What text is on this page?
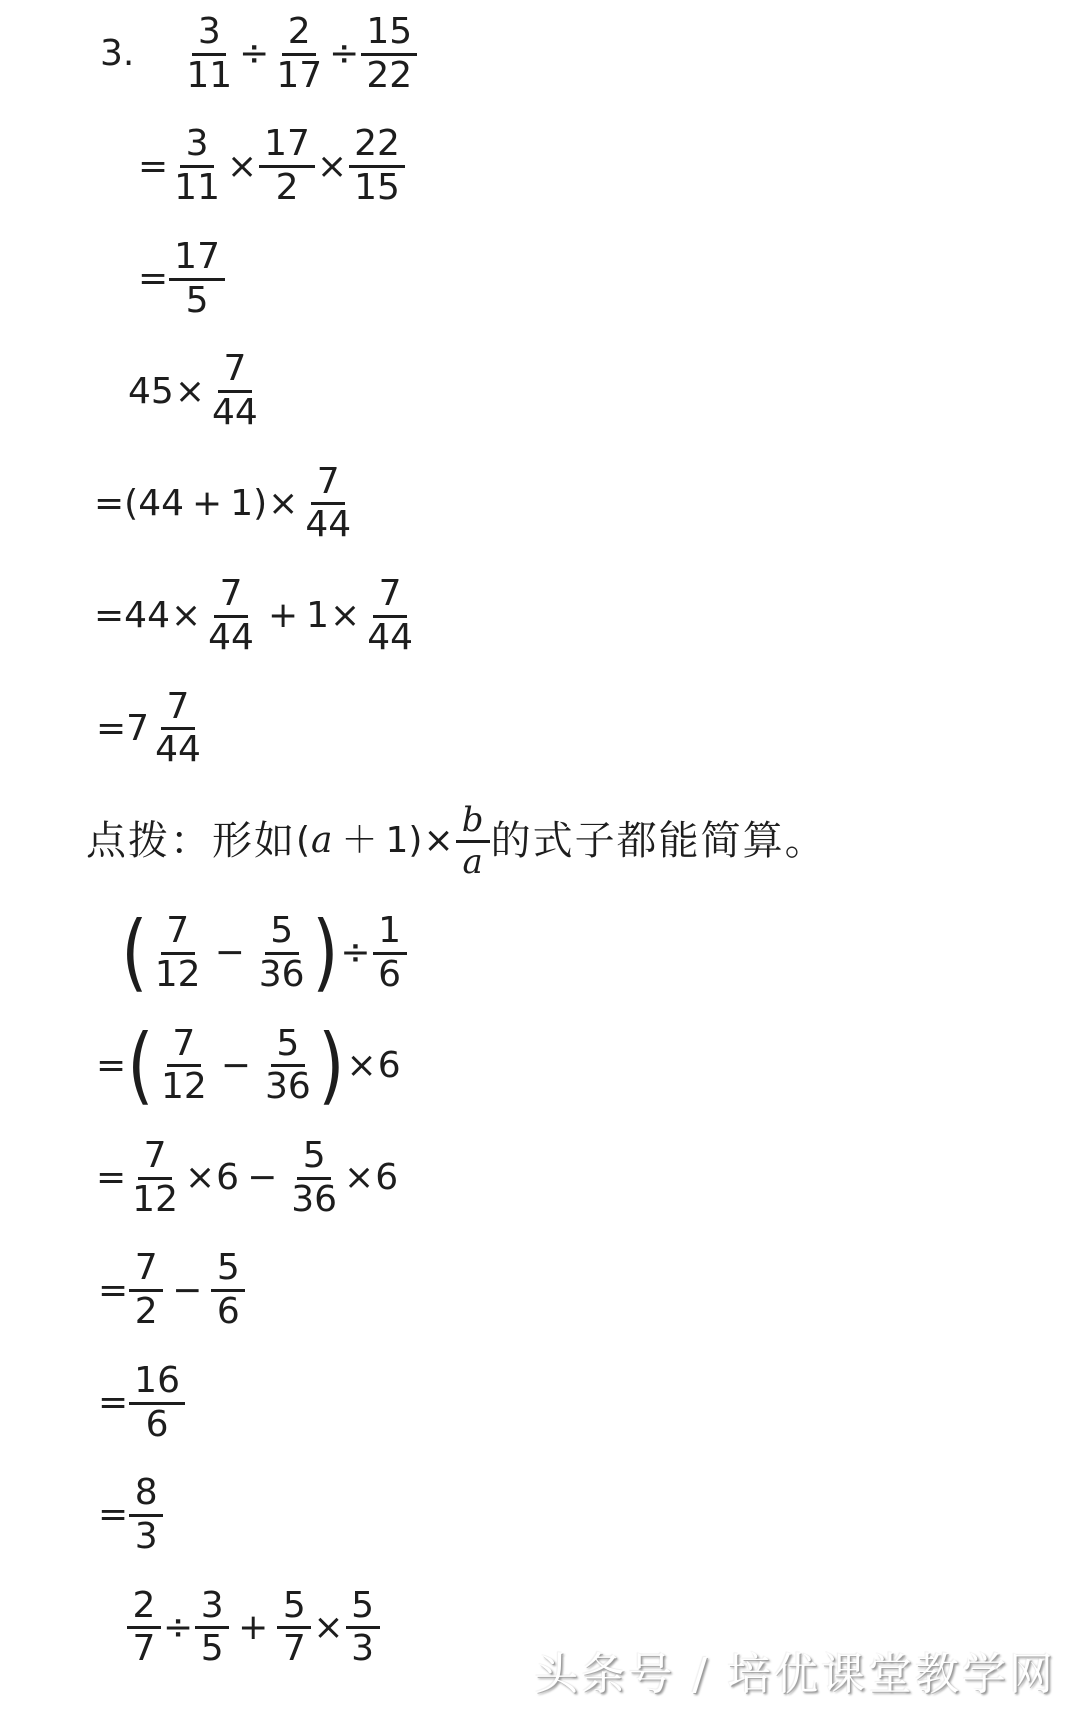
3. $\frac{3}{11} \div \frac{2}{17} \div \frac{15}{22}$
= $\frac{3}{11} \times \frac{17}{2} \times \frac{22}{15}$
= $\frac{17}{5}$
$45 \times \frac{7}{44}$
= $(44 + 1) \times \frac{7}{44}$
= $44 \times \frac{7}{44} + 1 \times \frac{7}{44}$
= $7 \frac{7}{44}$
点拨：形如 ( $a + 1) \times \frac{b}{a}$ 的式子都能简算。
( $\frac{7}{12} - \frac{5}{36}$ ) ÷ $\frac{1}{6}$
= ( $\frac{7}{12} - \frac{5}{36}$ ) × 6
= $\frac{7}{12} \times 6 - \frac{5}{36} \times 6$
= $\frac{7}{2} - \frac{5}{6}$
= $\frac{16}{6}$
= $\frac{8}{3}$
$\frac{2}{7} \div \frac{3}{5} + \frac{5}{7} \times \frac{5}{3}$
头条号 / 培优课堂教学网
